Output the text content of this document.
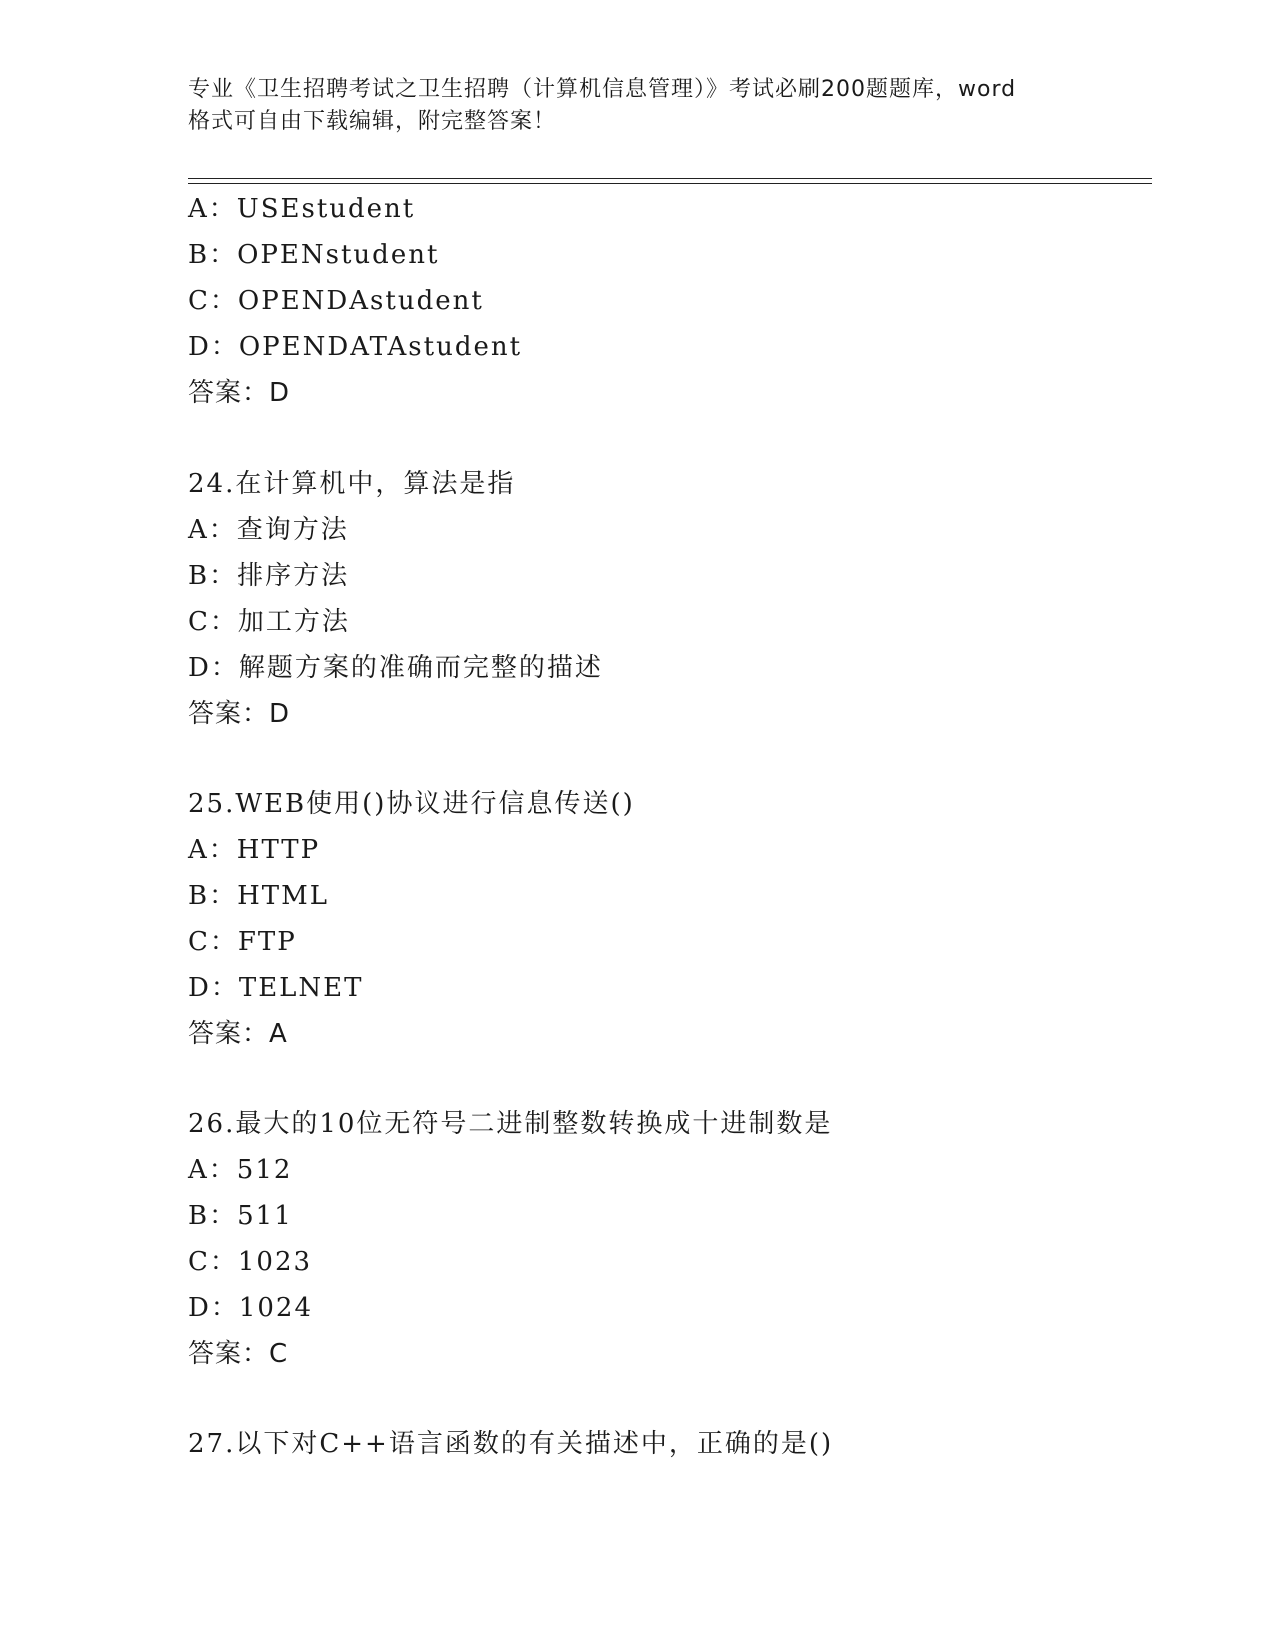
专业《卫生招聘考试之卫生招聘（计算机信息管理）》考试必刷200题题库，word
格式可自由下载编辑，附完整答案！
A：USEstudent
B：OPENstudent
C：OPENDAstudent
D：OPENDATAstudent
答案：D
24.在计算机中，算法是指
A：查询方法
B：排序方法
C：加工方法
D：解题方案的准确而完整的描述
答案：D
25.WEB使用()协议进行信息传送()
A：HTTP
B：HTML
C：FTP
D：TELNET
答案：A
26.最大的10位无符号二进制整数转换成十进制数是
A：512
B：511
C：1023
D：1024
答案：C
27.以下对C++语言函数的有关描述中，正确的是()
